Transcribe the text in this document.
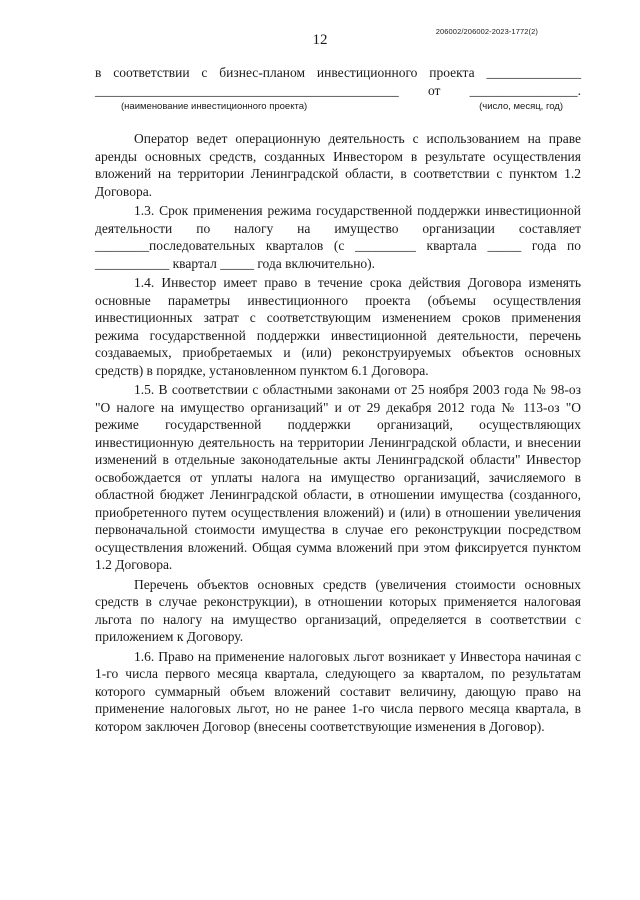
12
206002/206002-2023-1772(2)
в соответствии с бизнес-планом инвестиционного проекта ______________
_____________________________________________ от ________________.
(наименование инвестиционного проекта)	(число, месяц, год)
Оператор ведет операционную деятельность с использованием на праве аренды основных средств, созданных Инвестором в результате осуществления вложений на территории Ленинградской области, в соответствии с пунктом 1.2 Договора.
1.3. Срок применения режима государственной поддержки инвестиционной деятельности по налогу на имущество организации составляет ________последовательных кварталов (с _________ квартала _____ года по ___________ квартал _____ года включительно).
1.4. Инвестор имеет право в течение срока действия Договора изменять основные параметры инвестиционного проекта (объемы осуществления инвестиционных затрат с соответствующим изменением сроков применения режима государственной поддержки инвестиционной деятельности, перечень создаваемых, приобретаемых и (или) реконструируемых объектов основных средств) в порядке, установленном пунктом 6.1 Договора.
1.5. В соответствии с областными законами от 25 ноября 2003 года № 98-оз "О налоге на имущество организаций" и от 29 декабря 2012 года № 113-оз "О режиме государственной поддержки организаций, осуществляющих инвестиционную деятельность на территории Ленинградской области, и внесении изменений в отдельные законодательные акты Ленинградской области" Инвестор освобождается от уплаты налога на имущество организаций, зачисляемого в областной бюджет Ленинградской области, в отношении имущества (созданного, приобретенного путем осуществления вложений) и (или) в отношении увеличения первоначальной стоимости имущества в случае его реконструкции посредством осуществления вложений. Общая сумма вложений при этом фиксируется пунктом 1.2 Договора.
Перечень объектов основных средств (увеличения стоимости основных средств в случае реконструкции), в отношении которых применяется налоговая льгота по налогу на имущество организаций, определяется в соответствии с приложением к Договору.
1.6. Право на применение налоговых льгот возникает у Инвестора начиная с 1-го числа первого месяца квартала, следующего за кварталом, по результатам которого суммарный объем вложений составит величину, дающую право на применение налоговых льгот, но не ранее 1-го числа первого месяца квартала, в котором заключен Договор (внесены соответствующие изменения в Договор).
